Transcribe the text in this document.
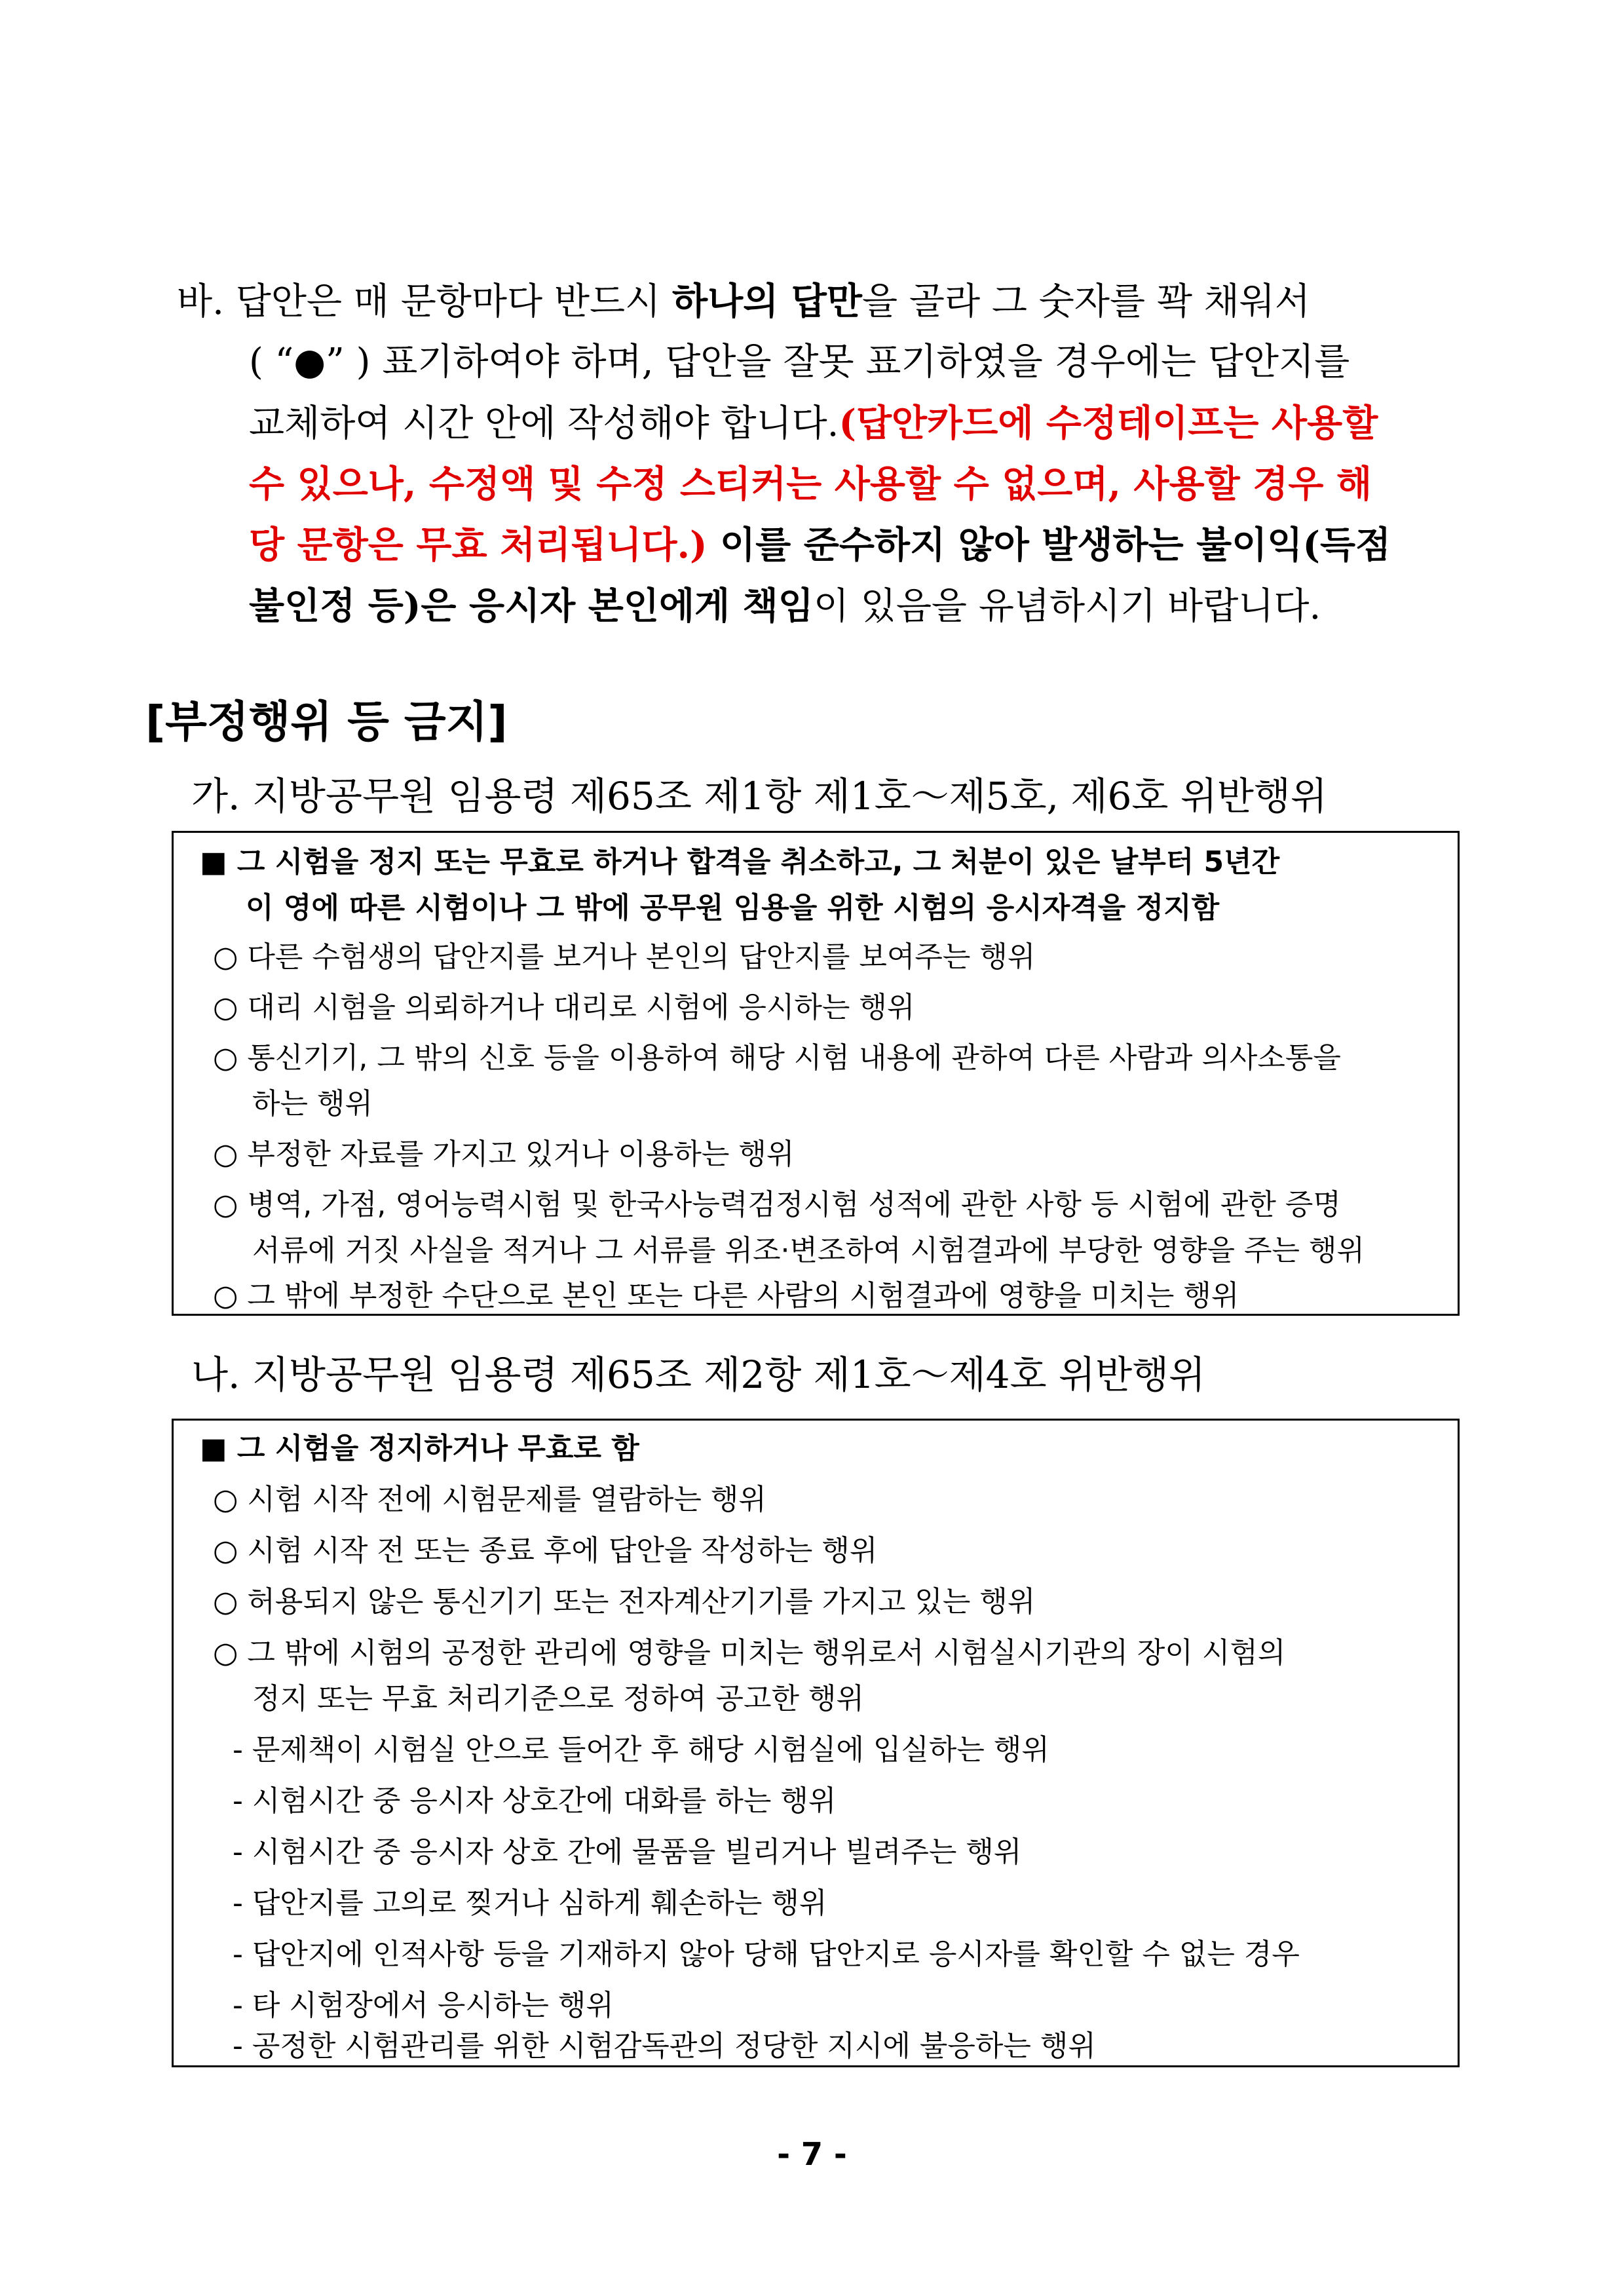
바. 답안은 매 문항마다 반드시 하나의 답만을 골라 그 숫자를 꽉 채워서
( “●” ) 표기하여야 하며, 답안을 잘못 표기하였을 경우에는 답안지를
교체하여 시간 안에 작성해야 합니다.(답안카드에 수정테이프는 사용할
수 있으나, 수정액 및 수정 스티커는 사용할 수 없으며, 사용할 경우 해
당 문항은 무효 처리됩니다.) 이를 준수하지 않아 발생하는 불이익(득점
불인정 등)은 응시자 본인에게 책임이 있음을 유념하시기 바랍니다.
[부정행위 등 금지]
가. 지방공무원 임용령 제65조 제1항 제1호～제5호, 제6호 위반행위
■ 그 시험을 정지 또는 무효로 하거나 합격을 취소하고, 그 처분이 있은 날부터 5년간
이 영에 따른 시험이나 그 밖에 공무원 임용을 위한 시험의 응시자격을 정지함
○ 다른 수험생의 답안지를 보거나 본인의 답안지를 보여주는 행위
○ 대리 시험을 의뢰하거나 대리로 시험에 응시하는 행위
○ 통신기기, 그 밖의 신호 등을 이용하여 해당 시험 내용에 관하여 다른 사람과 의사소통을
하는 행위
○ 부정한 자료를 가지고 있거나 이용하는 행위
○ 병역, 가점, 영어능력시험 및 한국사능력검정시험 성적에 관한 사항 등 시험에 관한 증명
서류에 거짓 사실을 적거나 그 서류를 위조·변조하여 시험결과에 부당한 영향을 주는 행위
○ 그 밖에 부정한 수단으로 본인 또는 다른 사람의 시험결과에 영향을 미치는 행위
나. 지방공무원 임용령 제65조 제2항 제1호～제4호 위반행위
■ 그 시험을 정지하거나 무효로 함
○ 시험 시작 전에 시험문제를 열람하는 행위
○ 시험 시작 전 또는 종료 후에 답안을 작성하는 행위
○ 허용되지 않은 통신기기 또는 전자계산기기를 가지고 있는 행위
○ 그 밖에 시험의 공정한 관리에 영향을 미치는 행위로서 시험실시기관의 장이 시험의
정지 또는 무효 처리기준으로 정하여 공고한 행위
- 문제책이 시험실 안으로 들어간 후 해당 시험실에 입실하는 행위
- 시험시간 중 응시자 상호간에 대화를 하는 행위
- 시험시간 중 응시자 상호 간에 물품을 빌리거나 빌려주는 행위
- 답안지를 고의로 찢거나 심하게 훼손하는 행위
- 답안지에 인적사항 등을 기재하지 않아 당해 답안지로 응시자를 확인할 수 없는 경우
- 타 시험장에서 응시하는 행위
- 공정한 시험관리를 위한 시험감독관의 정당한 지시에 불응하는 행위
- 7 -
